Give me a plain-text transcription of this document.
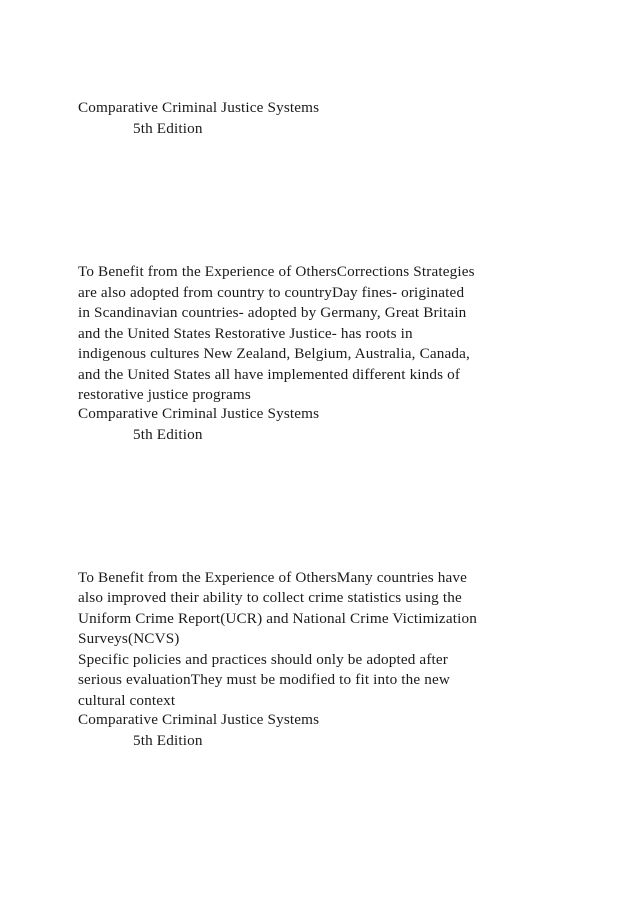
Comparative Criminal Justice Systems
5th Edition
To Benefit from the Experience of OthersCorrections Strategies
are also adopted from country to countryDay fines- originated
in Scandinavian countries- adopted by Germany, Great Britain
and the United States Restorative Justice- has roots in
indigenous cultures New Zealand, Belgium, Australia, Canada,
and the United States all have implemented different kinds of
restorative justice programs
Comparative Criminal Justice Systems
5th Edition
To Benefit from the Experience of OthersMany countries have
also improved their ability to collect crime statistics using the
Uniform Crime Report(UCR) and National Crime Victimization
Surveys(NCVS)
Specific policies and practices should only be adopted after
serious evaluationThey must be modified to fit into the new
cultural context
Comparative Criminal Justice Systems
5th Edition
